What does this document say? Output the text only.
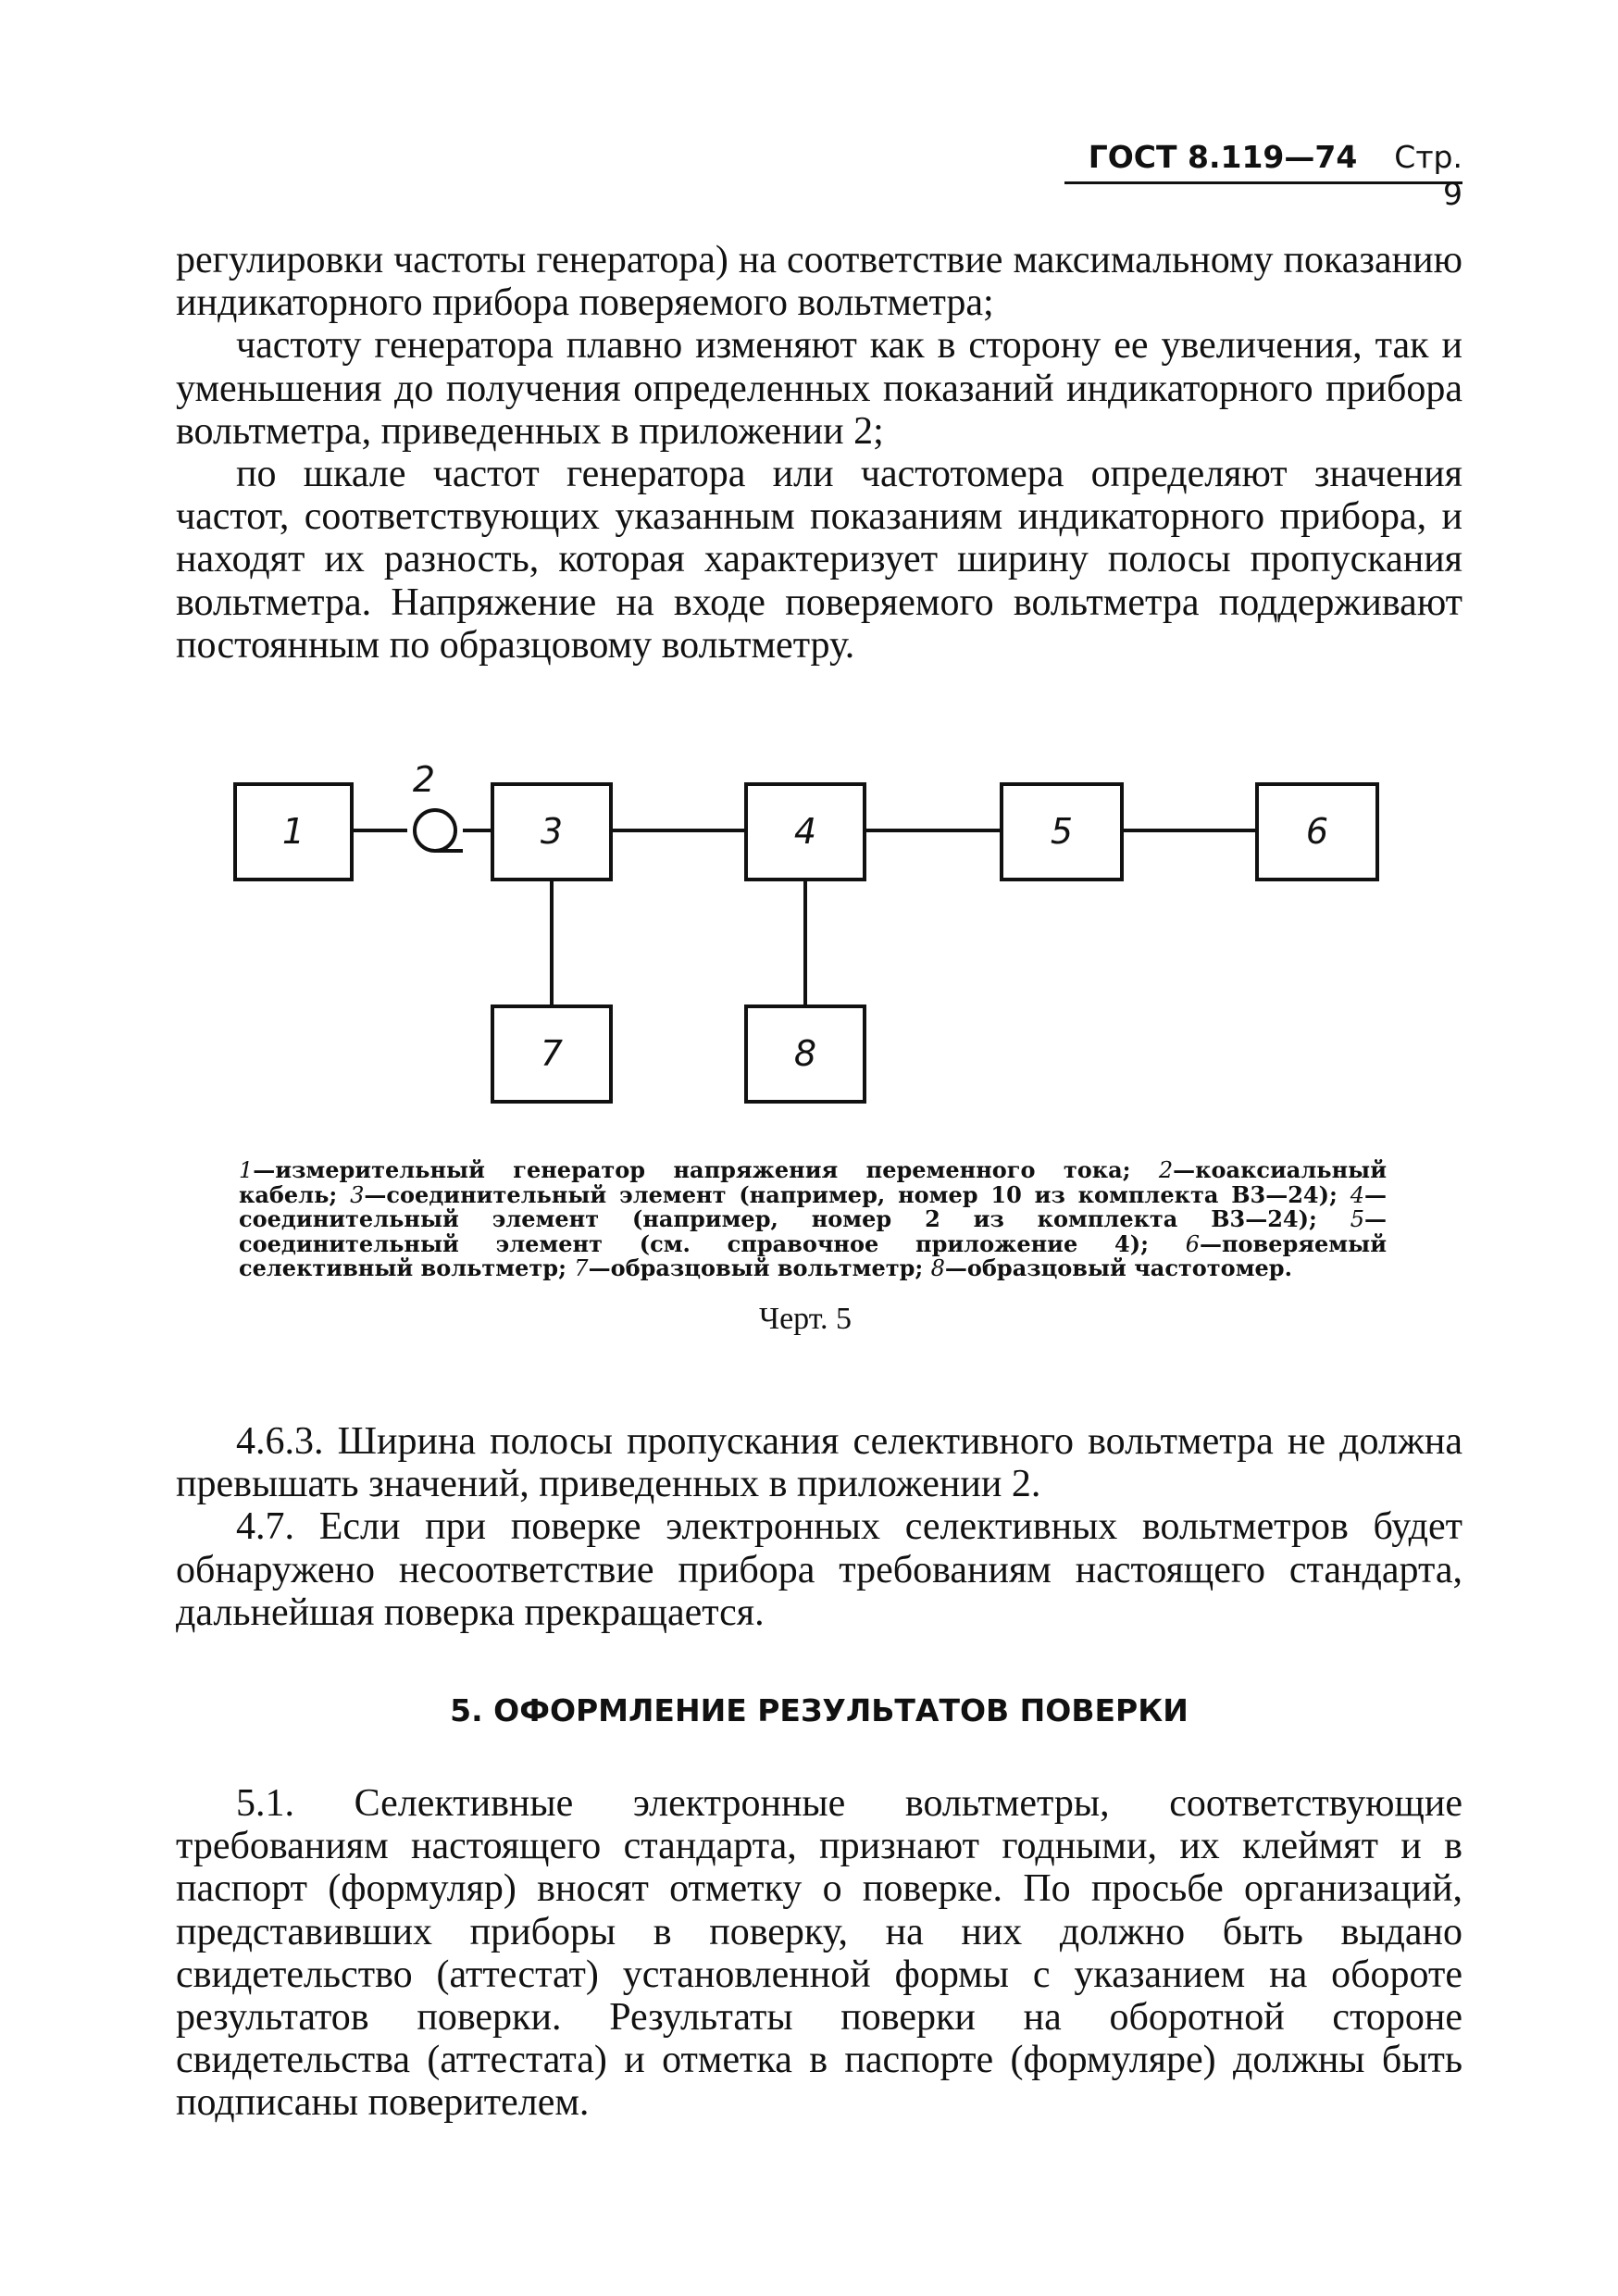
ГОСТ 8.119—74 Стр. 9

регулировки частоты генератора) на соответствие максимальному показанию индикаторного прибора поверяемого вольтметра;

частоту генератора плавно изменяют как в сторону ее увеличения, так и уменьшения до получения определенных показаний индикаторного прибора вольтметра, приведенных в приложении 2;

по шкале частот генератора или частотомера определяют значения частот, соответствующих указанным показаниям индикаторного прибора, и находят их разность, которая характеризует ширину полосы пропускания вольтметра. Напряжение на входе поверяемого вольтметра поддерживают постоянным по образцовому вольтметру.

1
2
3	4	5	6
7	8
1—измерительный генератор напряжения переменного тока; 2—коаксиальный кабель; 3—соединительный элемент (например, номер 10 из комплекта В3—24); 4—соединительный элемент (например, номер 2 из комплекта В3—24); 5—соединительный элемент (см. справочное приложение 4); 6—поверяемый селективный вольтметр; 7—образцовый вольтметр; 8—образцовый частотомер.
Черт. 5

4.6.3. Ширина полосы пропускания селективного вольтметра не должна превышать значений, приведенных в приложении 2.

4.7. Если при поверке электронных селективных вольтметров будет обнаружено несоответствие прибора требованиям настоящего стандарта, дальнейшая поверка прекращается.

5. ОФОРМЛЕНИЕ РЕЗУЛЬТАТОВ ПОВЕРКИ

5.1. Селективные электронные вольтметры, соответствующие требованиям настоящего стандарта, признают годными, их клеймят и в паспорт (формуляр) вносят отметку о поверке. По просьбе организаций, представивших приборы в поверку, на них должно быть выдано свидетельство (аттестат) установленной формы с указанием на обороте результатов поверки. Результаты поверки на оборотной стороне свидетельства (аттестата) и отметка в паспорте (формуляре) должны быть подписаны поверителем.
